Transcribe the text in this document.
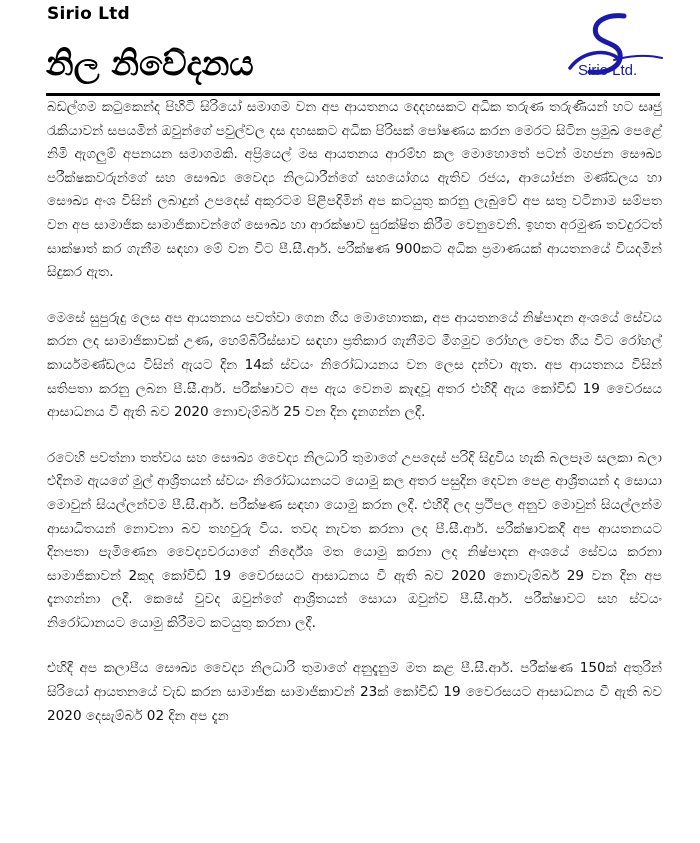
Sirio Ltd
නිල නිවේදනය	Sirio Ltd.

බඩල්ගම කටුකෙන්ද පිහිටි සිරියෝ සමාගම වන අප ආයතනය දෙදහසකට අධික තරුණ තරුණියන් හට සෘජු රැකියාවන් සපයමින් ඔවුන්ගේ පවුල්වල දස දහසකට අධික පිරිසක් පෝෂණය කරන මෙරට සිටින ප්‍රමුඛ පෙළේ නිමි ඇගලුම් අපනයන සමාගමකි. අප්‍රියෙල් මස ආයතනය ආරම්භ කල මොහොතේ පටන් මහජන සෞඛ්‍ය පරීක්ෂකවරුන්ගේ සහ සෞඛ්‍ය වෛද්‍ය නිලධාරීන්ගේ සහයෝගය ඇතිව රජය, ආයෝජන මණ්ඩලය හා සෞඛ්‍ය අංශ විසින් ලබාදුන් උපදෙස් අකුරටම පිළිපදිමින් අප කටයුතු කරනු ලැබුවේ අප සතු වටිනාම සම්පත වන අප සාමාජික සාමාජිකාවන්ගේ සෞඛ්‍ය හා ආරක්ෂාව සුරක්ෂිත කිරීම වෙනුවෙනි. ඉහත අරමුණ තවදුරටත් සාක්ෂාත් කර ගැනීම සඳහා මේ වන විට පී.සී.ආර්. පරීක්ෂණ 900කට අධික ප්‍රමාණයක් ආයතනයේ වියදමින් සිදුකර ඇත.

මෙසේ සුපුරුදු ලෙස අප ආයතනය පවත්වා ගෙන ගිය මොහොතක, අප ආයතනයේ නිෂ්පාදන අංශයේ සේවය කරන ලද සාමාජිකාවක් උණ, හෙම්බිරිස්සාව සඳහා ප්‍රතිකාර ගැනීමට මීගමුව රෝහල වෙත ගිය විට රෝහල් කාර්යමණ්ඩලය විසින් ඇයට දින 14ක් ස්වයං නිරෝධායනය වන ලෙස දන්වා ඇත. අප ආයතනය විසින් සතිපතා කරනු ලබන පී.සී.ආර්. පරීක්ෂාවට අප ඇය වෙනම කැඳවූ අතර එහිදී ඇය කෝවිඩ් 19 වෛරසය ආසාධනය වී ඇති බව 2020 නොවැම්බර් 25 වන දින දැනගන්න ලදී.

රටෙහි පවත්නා තත්වය සහ සෞඛ්‍ය වෛද්‍ය නිලධාරි තුමාගේ උපදෙස් පරිදි සිදුවිය හැකි බලපෑම සලකා බලා එදිනම ඇයගේ මුල් ආශ්‍රිතයන් ස්වයං නිරෝධායනයට යොමු කල අතර පසුදින දෙවන පෙළ ආශ්‍රිතයන් ද සොයා මොවුන් සියල්ලන්වම පී.සී.ආර්. පරීක්ෂණ සඳහා යොමු කරන ලදී. එහිදී ලද ප්‍රථිපල අනුව මොවුන් සියල්ලන්ම ආසාධිතයන් නොවනා බව තහවුරු විය. තවද නැවත කරනා ලද පී.සී.ආර්. පරීක්ෂාවකදී අප ආයතනයට දිනපතා පැමිණෙන වෛද්‍යවරයාගේ නිර්දේශ මත යොමු කරනා ලද නිෂ්පාදන අංශයේ සේවය කරනා සාමාජිකාවන් 2කුද කෝවිඩ් 19 වෛරසයට ආසාධනය වී ඇති බව 2020 නොවැම්බර් 29 වන දින අප දැනගන්නා ලදී. කෙසේ වුවද ඔවුන්ගේ ආශ්‍රිතයන් සොයා ඔවුන්ව පී.සී.ආර්. පරීක්ෂාවට සහ ස්වයං නිරෝධානයට යොමු කිරීමට කටයුතු කරනා ලදී.

එහිදී අප කලාපීය සෞඛ්‍ය වෛද්‍ය නිලධාරි තුමාගේ අනුදැනුම මත කළ පී.සී.ආර්. පරීක්ෂණ 150ක් අතුරින් සිරියෝ ආයතනයේ වැඩ කරන සාමාජික සාමාජිකාවන් 23ක් කෝවිඩ් 19 වෛරසයට ආසාධනය වී ඇති බව 2020 දෙසැම්බර් 02 දින අප දැන
